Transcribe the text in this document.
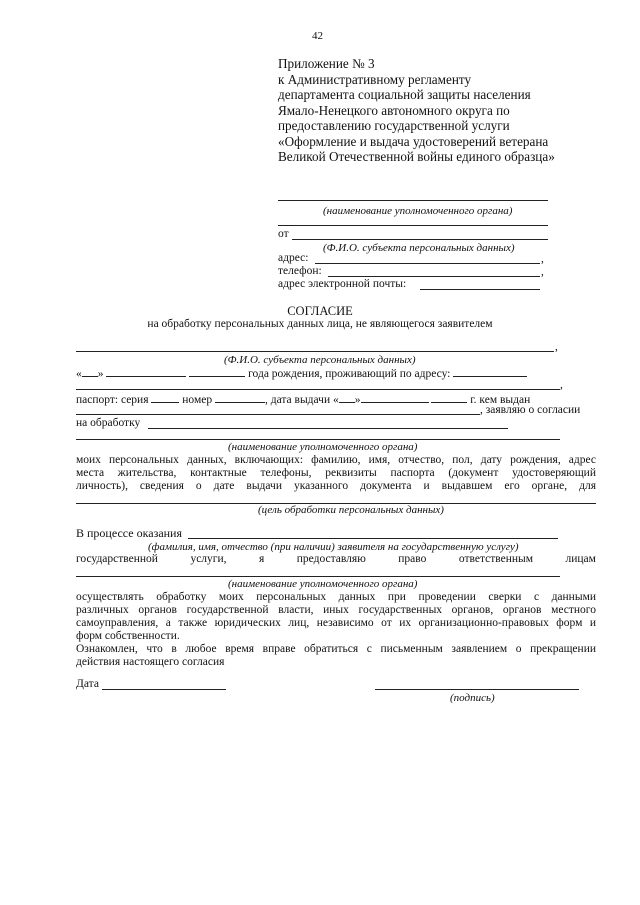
42
Приложение № 3
к Административному регламенту
департамента социальной защиты населения
Ямало-Ненецкого автономного округа по
предоставлению государственной услуги
«Оформление и выдача удостоверений ветерана
Великой Отечественной войны единого образца»
(наименование уполномоченного органа)
от
(Ф.И.О. субъекта персональных данных)
адрес:	,
телефон:	,
адрес электронной почты:
СОГЛАСИЕ
на обработку персональных данных лица, не являющегося заявителем
,
(Ф.И.О. субъекта персональных данных)
« »	года рождения, проживающий по адресу:
,
паспорт: серия	номер	, дата выдачи « »	г. кем выдан
, заявляю о согласии
на обработку
(наименование уполномоченного органа)
моих персональных данных, включающих: фамилию, имя, отчество, пол, дату рождения, адрес
места жительства, контактные телефоны, реквизиты паспорта (документ удостоверяющий
личность), сведения о дате выдачи указанного документа и выдавшем его органе, для
(цель обработки персональных данных)
В процессе оказания
(фамилия, имя, отчество (при наличии) заявителя на государственную услугу)
государственной	услуги,	я	предоставляю	право	ответственным	лицам
(наименование уполномоченного органа)
осуществлять обработку моих персональных данных при проведении сверки с данными
различных органов государственной власти, иных государственных органов, органов местного
самоуправления, а также юридических лиц, независимо от их организационно-правовых форм и
форм собственности.
Ознакомлен, что в любое время вправе обратиться с письменным заявлением о прекращении
действия настоящего согласия
Дата
(подпись)
